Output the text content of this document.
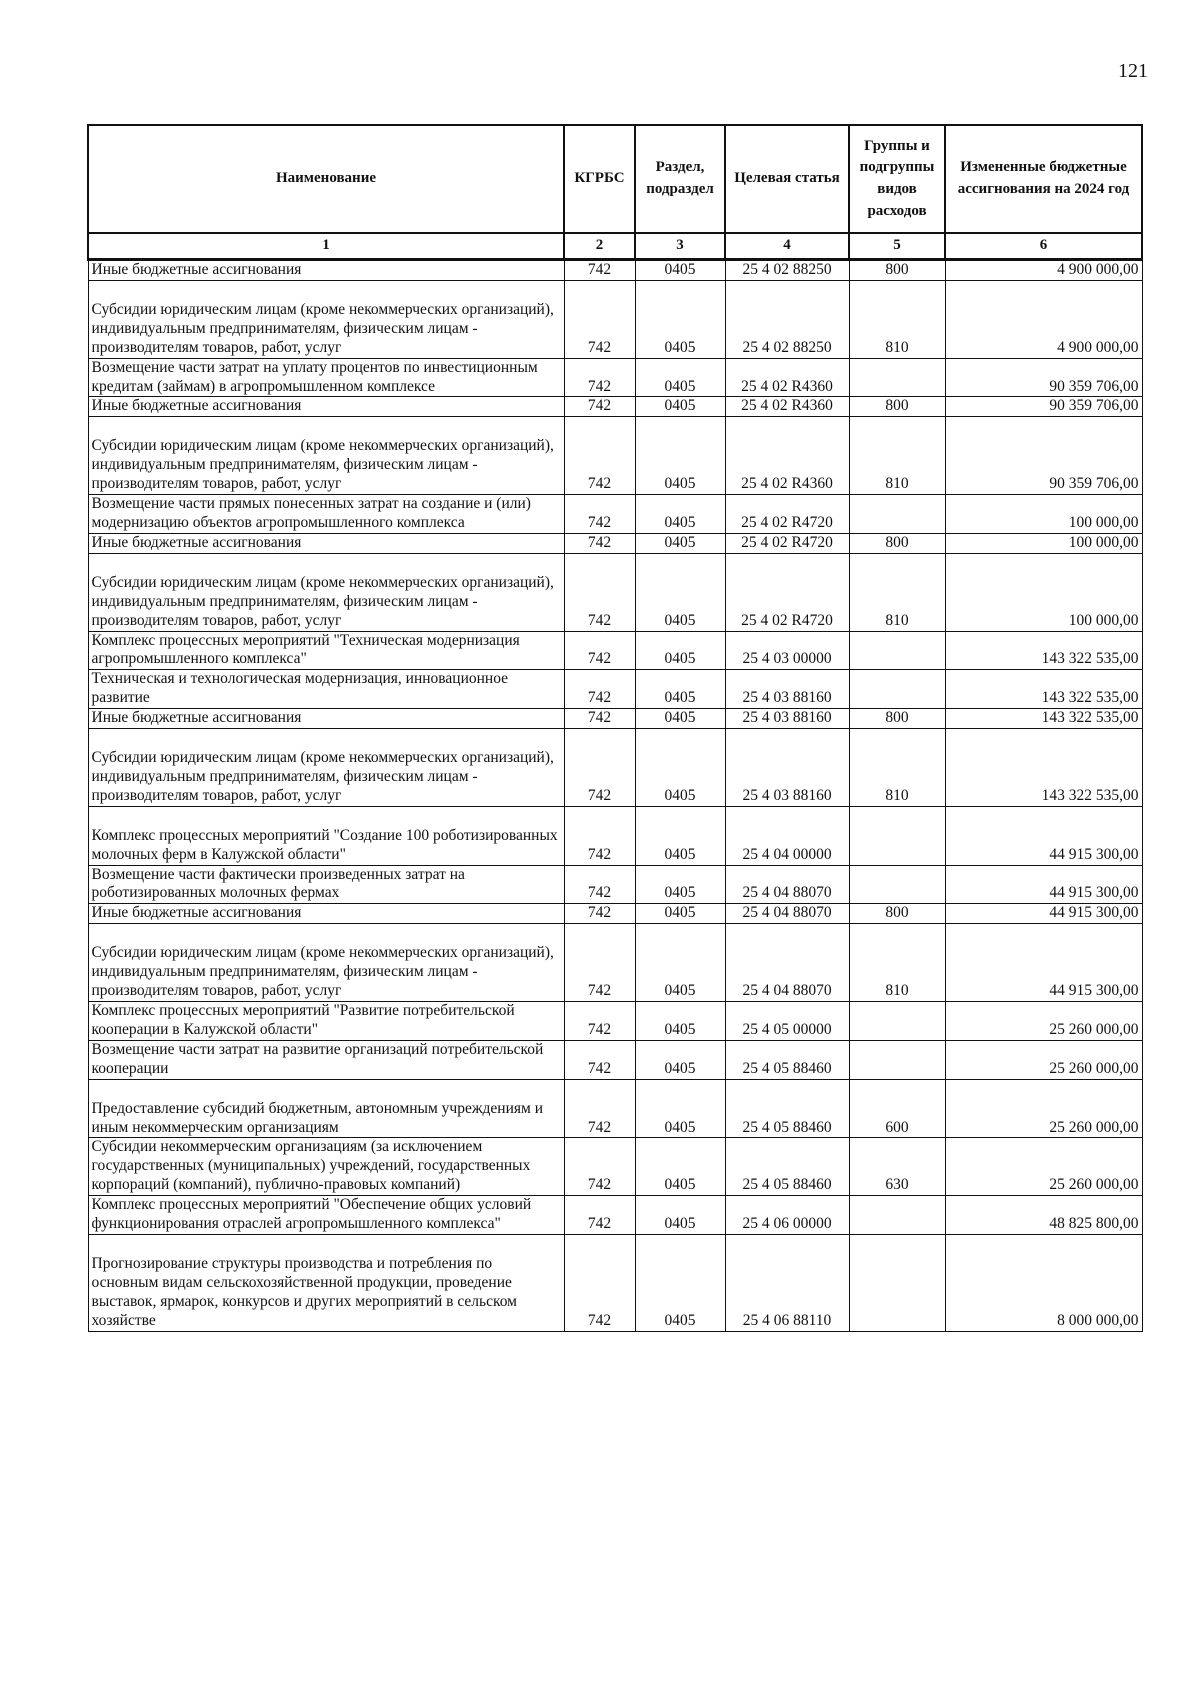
121
Наименование	КГРБС	Раздел, подраздел	Целевая статья	Группы и подгруппы видов расходов	Измененные бюджетные ассигнования на 2024 год
1	2	3	4	5	6
Иные бюджетные ассигнования	742	0405	25 4 02 88250	800	4 900 000,00
Субсидии юридическим лицам (кроме некоммерческих организаций), индивидуальным предпринимателям, физическим лицам - производителям товаров, работ, услуг	742	0405	25 4 02 88250	810	4 900 000,00
Возмещение части затрат на уплату процентов по инвестиционным кредитам (займам) в агропромышленном комплексе	742	0405	25 4 02 R4360		90 359 706,00
Иные бюджетные ассигнования	742	0405	25 4 02 R4360	800	90 359 706,00
Субсидии юридическим лицам (кроме некоммерческих организаций), индивидуальным предпринимателям, физическим лицам - производителям товаров, работ, услуг	742	0405	25 4 02 R4360	810	90 359 706,00
Возмещение части прямых понесенных затрат на создание и (или) модернизацию объектов агропромышленного комплекса	742	0405	25 4 02 R4720		100 000,00
Иные бюджетные ассигнования	742	0405	25 4 02 R4720	800	100 000,00
Субсидии юридическим лицам (кроме некоммерческих организаций), индивидуальным предпринимателям, физическим лицам - производителям товаров, работ, услуг	742	0405	25 4 02 R4720	810	100 000,00
Комплекс процессных мероприятий "Техническая модернизация агропромышленного комплекса"	742	0405	25 4 03 00000		143 322 535,00
Техническая и технологическая модернизация, инновационное развитие	742	0405	25 4 03 88160		143 322 535,00
Иные бюджетные ассигнования	742	0405	25 4 03 88160	800	143 322 535,00
Субсидии юридическим лицам (кроме некоммерческих организаций), индивидуальным предпринимателям, физическим лицам - производителям товаров, работ, услуг	742	0405	25 4 03 88160	810	143 322 535,00
Комплекс процессных мероприятий "Создание 100 роботизированных молочных ферм в Калужской области"	742	0405	25 4 04 00000		44 915 300,00
Возмещение части фактически произведенных затрат на роботизированных молочных фермах	742	0405	25 4 04 88070		44 915 300,00
Иные бюджетные ассигнования	742	0405	25 4 04 88070	800	44 915 300,00
Субсидии юридическим лицам (кроме некоммерческих организаций), индивидуальным предпринимателям, физическим лицам - производителям товаров, работ, услуг	742	0405	25 4 04 88070	810	44 915 300,00
Комплекс процессных мероприятий "Развитие потребительской кооперации в Калужской области"	742	0405	25 4 05 00000		25 260 000,00
Возмещение части затрат на развитие организаций потребительской кооперации	742	0405	25 4 05 88460		25 260 000,00
Предоставление субсидий бюджетным, автономным учреждениям и иным некоммерческим организациям	742	0405	25 4 05 88460	600	25 260 000,00
Субсидии некоммерческим организациям (за исключением государственных (муниципальных) учреждений, государственных корпораций (компаний), публично-правовых компаний)	742	0405	25 4 05 88460	630	25 260 000,00
Комплекс процессных мероприятий "Обеспечение общих условий функционирования отраслей агропромышленного комплекса"	742	0405	25 4 06 00000		48 825 800,00
Прогнозирование структуры производства и потребления по основным видам сельскохозяйственной продукции, проведение выставок, ярмарок, конкурсов и других мероприятий в сельском хозяйстве	742	0405	25 4 06 88110		8 000 000,00
